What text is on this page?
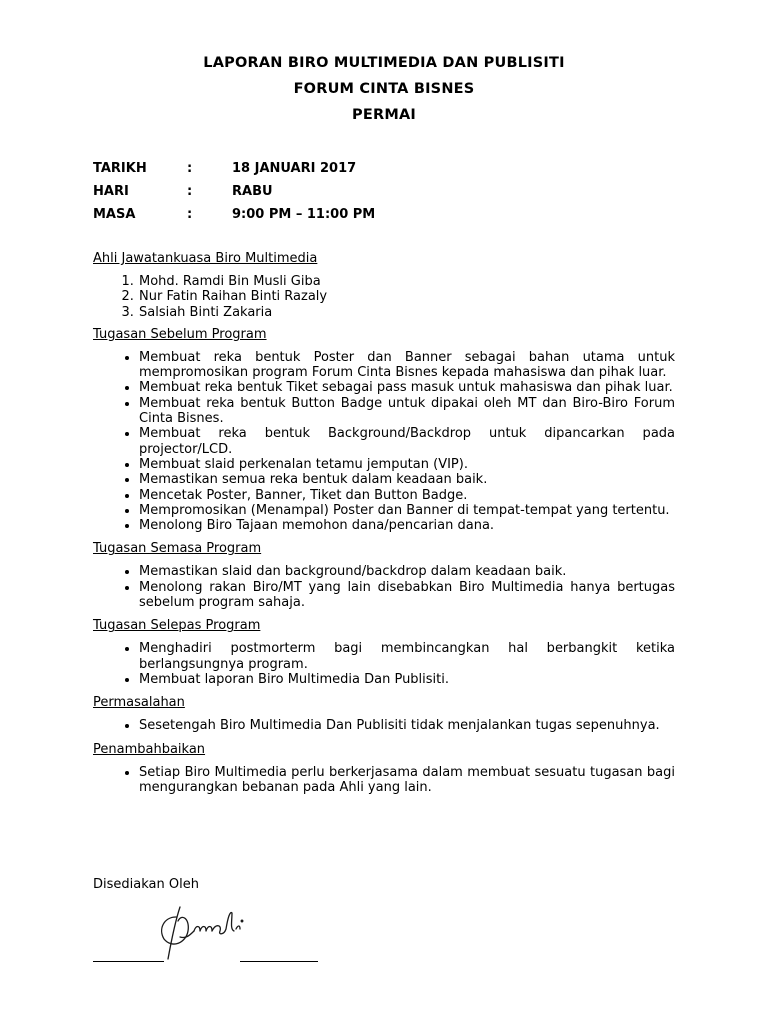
LAPORAN BIRO MULTIMEDIA DAN PUBLISITI
FORUM CINTA BISNES
PERMAI
TARIKH	:	18 JANUARI 2017
HARI	:	RABU
MASA	:	9:00 PM – 11:00 PM
Ahli Jawatankuasa Biro Multimedia
1. Mohd. Ramdi Bin Musli Giba
2. Nur Fatin Raihan Binti Razaly
3. Salsiah Binti Zakaria
Tugasan Sebelum Program
• Membuat reka bentuk Poster dan Banner sebagai bahan utama untuk mempromosikan program Forum Cinta Bisnes kepada mahasiswa dan pihak luar.
• Membuat reka bentuk Tiket sebagai pass masuk untuk mahasiswa dan pihak luar.
• Membuat reka bentuk Button Badge untuk dipakai oleh MT dan Biro-Biro Forum Cinta Bisnes.
• Membuat reka bentuk Background/Backdrop untuk dipancarkan pada projector/LCD.
• Membuat slaid perkenalan tetamu jemputan (VIP).
• Memastikan semua reka bentuk dalam keadaan baik.
• Mencetak Poster, Banner, Tiket dan Button Badge.
• Mempromosikan (Menampal) Poster dan Banner di tempat-tempat yang tertentu.
• Menolong Biro Tajaan memohon dana/pencarian dana.
Tugasan Semasa Program
• Memastikan slaid dan background/backdrop dalam keadaan baik.
• Menolong rakan Biro/MT yang lain disebabkan Biro Multimedia hanya bertugas sebelum program sahaja.
Tugasan Selepas Program
• Menghadiri postmorterm bagi membincangkan hal berbangkit ketika berlangsungnya program.
• Membuat laporan Biro Multimedia Dan Publisiti.
Permasalahan
• Sesetengah Biro Multimedia Dan Publisiti tidak menjalankan tugas sepenuhnya.
Penambahbaikan
• Setiap Biro Multimedia perlu berkerjasama dalam membuat sesuatu tugasan bagi mengurangkan bebanan pada Ahli yang lain.
Disediakan Oleh
